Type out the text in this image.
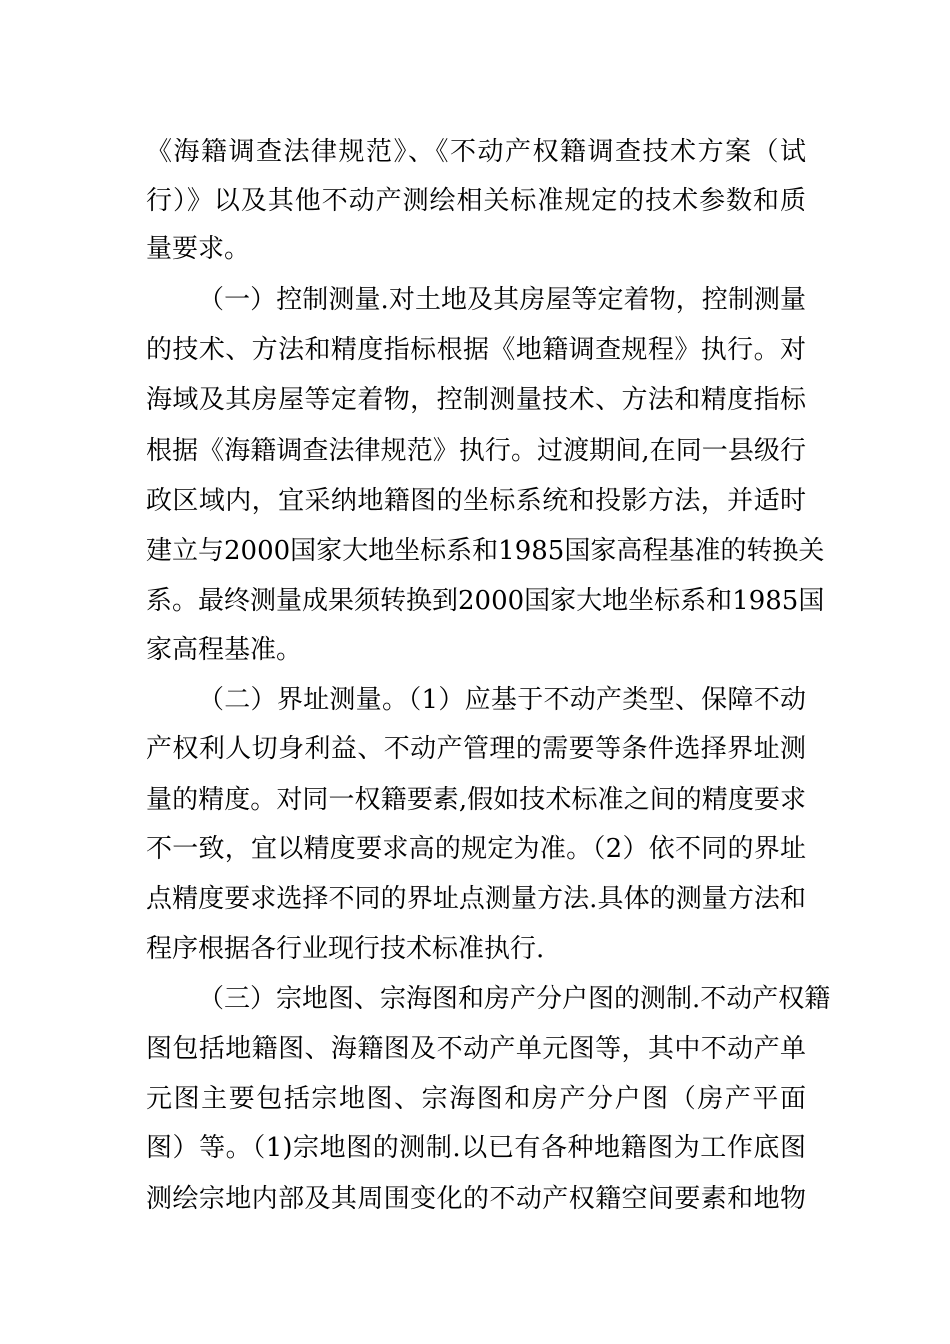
《海籍调查法律规范》、《不动产权籍调查技术方案（试
行）》以及其他不动产测绘相关标准规定的技术参数和质
量要求。
（一）控制测量.对土地及其房屋等定着物，控制测量
的技术、方法和精度指标根据《地籍调查规程》执行。对
海域及其房屋等定着物，控制测量技术、方法和精度指标
根据《海籍调查法律规范》执行。过渡期间,在同一县级行
政区域内，宜采纳地籍图的坐标系统和投影方法，并适时
建立与2000国家大地坐标系和1985国家高程基准的转换关
系。最终测量成果须转换到2000国家大地坐标系和1985国
家高程基准。
（二）界址测量。（1）应基于不动产类型、保障不动
产权利人切身利益、不动产管理的需要等条件选择界址测
量的精度。对同一权籍要素,假如技术标准之间的精度要求
不一致，宜以精度要求高的规定为准。（2）依不同的界址
点精度要求选择不同的界址点测量方法.具体的测量方法和
程序根据各行业现行技术标准执行.
（三）宗地图、宗海图和房产分户图的测制.不动产权籍
图包括地籍图、海籍图及不动产单元图等，其中不动产单
元图主要包括宗地图、宗海图和房产分户图（房产平面
图）等。（1)宗地图的测制.以已有各种地籍图为工作底图
测绘宗地内部及其周围变化的不动产权籍空间要素和地物
